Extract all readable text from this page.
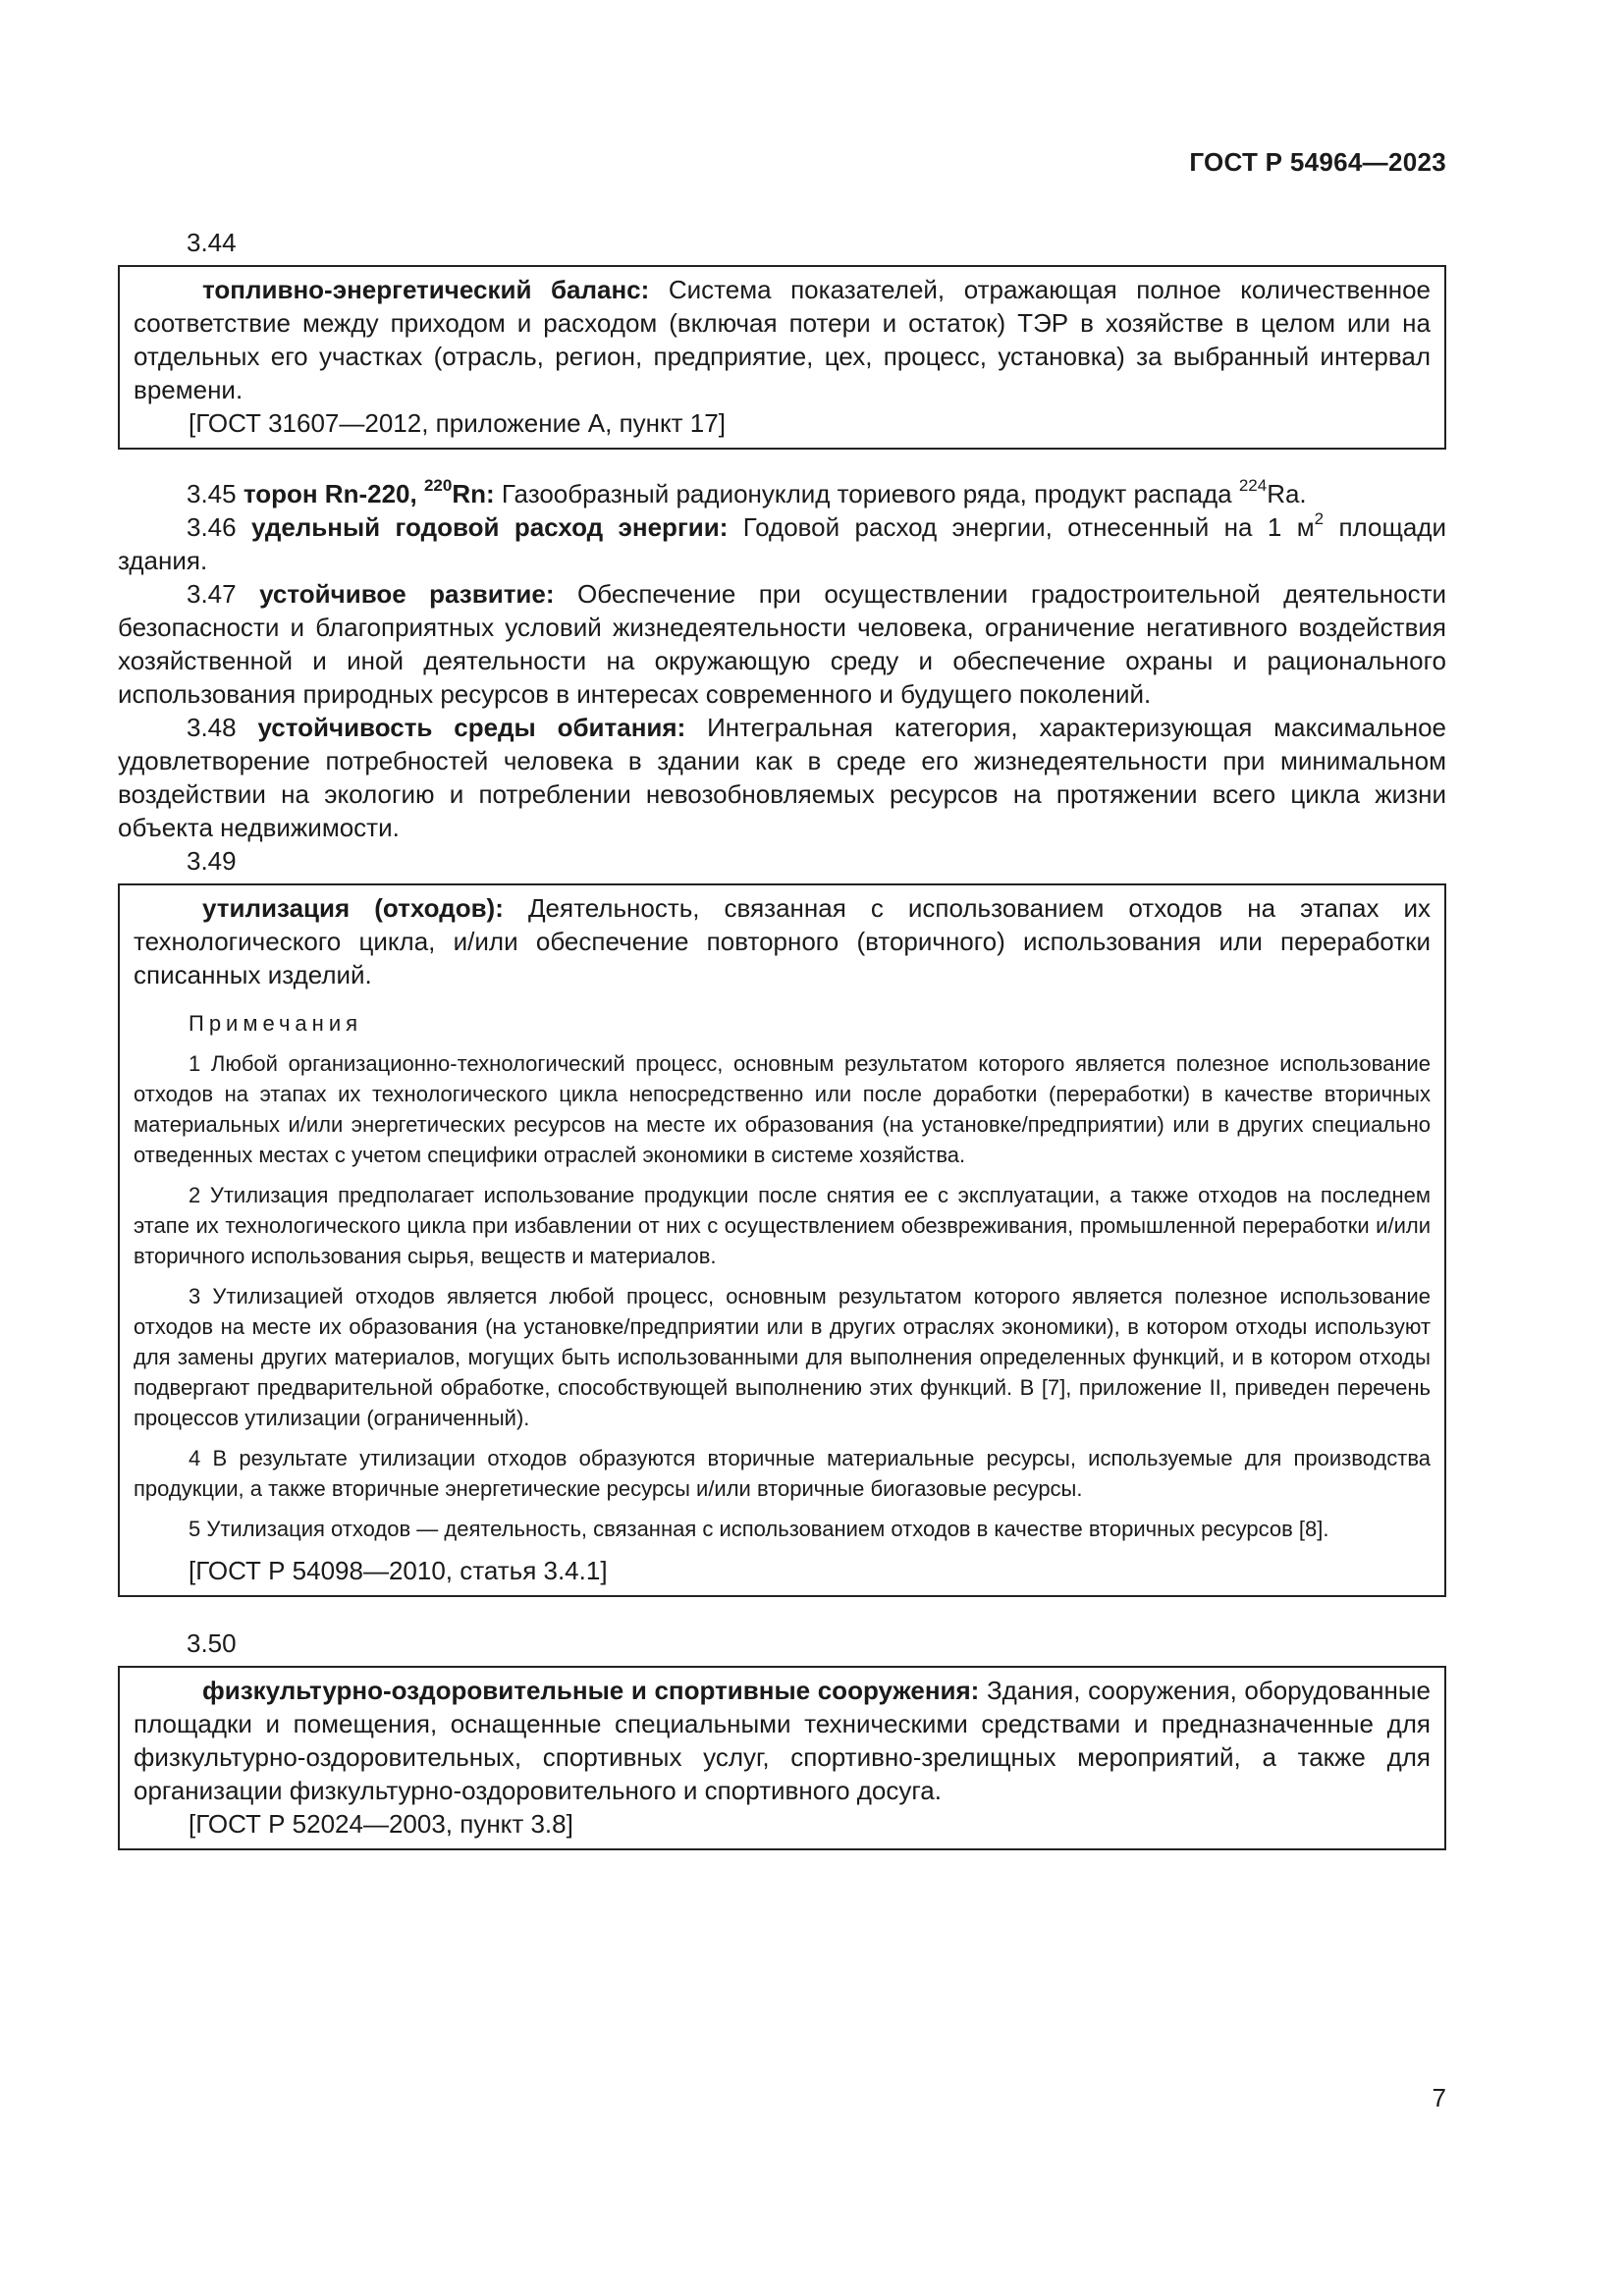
ГОСТ Р 54964—2023

3.44

топливно-энергетический баланс: Система показателей, отражающая полное количественное соответствие между приходом и расходом (включая потери и остаток) ТЭР в хозяйстве в целом или на отдельных его участках (отрасль, регион, предприятие, цех, процесс, установка) за выбранный интервал времени.

[ГОСТ 31607—2012, приложение А, пункт 17]

3.45 торон Rn-220, $^{220}$Rn: Газообразный радионуклид ториевого ряда, продукт распада $^{224}$Ra.

3.46 удельный годовой расход энергии: Годовой расход энергии, отнесенный на 1 $м^2$ площади здания.

3.47 устойчивое развитие: Обеспечение при осуществлении градостроительной деятельности безопасности и благоприятных условий жизнедеятельности человека, ограничение негативного воздействия хозяйственной и иной деятельности на окружающую среду и обеспечение охраны и рационального использования природных ресурсов в интересах современного и будущего поколений.

3.48 устойчивость среды обитания: Интегральная категория, характеризующая максимальное удовлетворение потребностей человека в здании как в среде его жизнедеятельности при минимальном воздействии на экологию и потреблении невозобновляемых ресурсов на протяжении всего цикла жизни объекта недвижимости.

3.49

утилизация (отходов): Деятельность, связанная с использованием отходов на этапах их технологического цикла, и/или обеспечение повторного (вторичного) использования или переработки списанных изделий.

Примечания

1 Любой организационно-технологический процесс, основным результатом которого является полезное использование отходов на этапах их технологического цикла непосредственно или после доработки (переработки) в качестве вторичных материальных и/или энергетических ресурсов на месте их образования (на установке/предприятии) или в других специально отведенных местах с учетом специфики отраслей экономики в системе хозяйства.

2 Утилизация предполагает использование продукции после снятия ее с эксплуатации, а также отходов на последнем этапе их технологического цикла при избавлении от них с осуществлением обезвреживания, промышленной переработки и/или вторичного использования сырья, веществ и материалов.

3 Утилизацией отходов является любой процесс, основным результатом которого является полезное использование отходов на месте их образования (на установке/предприятии или в других отраслях экономики), в котором отходы используют для замены других материалов, могущих быть использованными для выполнения определенных функций, и в котором отходы подвергают предварительной обработке, способствующей выполнению этих функций. В [7], приложение II, приведен перечень процессов утилизации (ограниченный).

4 В результате утилизации отходов образуются вторичные материальные ресурсы, используемые для производства продукции, а также вторичные энергетические ресурсы и/или вторичные биогазовые ресурсы.

5 Утилизация отходов — деятельность, связанная с использованием отходов в качестве вторичных ресурсов [8].

[ГОСТ Р 54098—2010, статья 3.4.1]

3.50

физкультурно-оздоровительные и спортивные сооружения: Здания, сооружения, оборудованные площадки и помещения, оснащенные специальными техническими средствами и предназначенные для физкультурно-оздоровительных, спортивных услуг, спортивно-зрелищных мероприятий, а также для организации физкультурно-оздоровительного и спортивного досуга.

[ГОСТ Р 52024—2003, пункт 3.8]

7
